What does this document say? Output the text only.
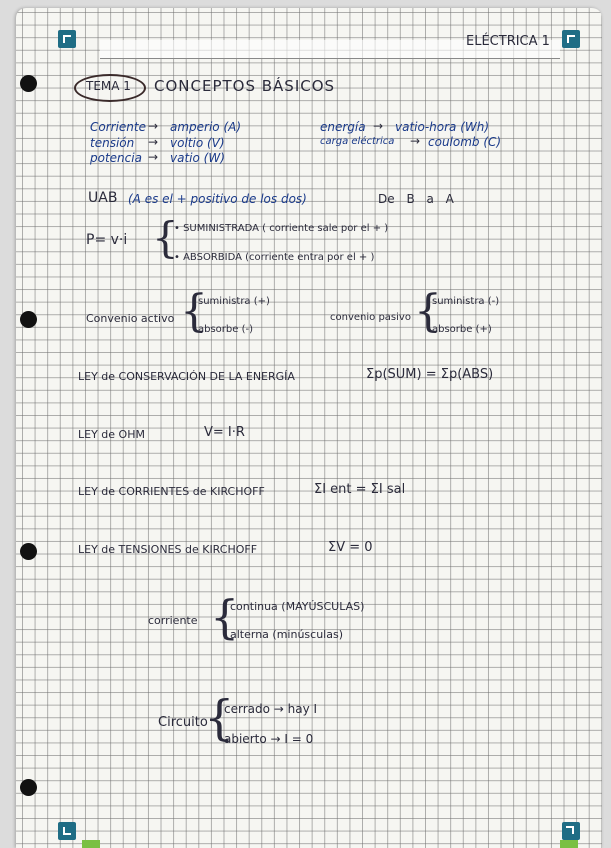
ELÉCTRICA 1
TEMA 1 CONCEPTOS BÁSICOS
Corriente → amperio (A)
tensión → voltio (V)
potencia → vatio (W)
energía → vatio-hora (Wh)
carga eléctrica → coulomb (C)
UAB (A es el + positivo de los dos)	De B a A
P= v·i {
• SUMINISTRADA ( corriente sale por el + )
• ABSORBIDA (corriente entra por el + )
Convenio activo {
suministra (+)
absorbe (-)
convenio pasivo {
suministra (-)
absorbe (+)
LEY de CONSERVACIÓN DE LA ENERGÍA	Σp(SUM) = Σp(ABS)
LEY de OHM	V= I·R
LEY de CORRIENTES de KIRCHOFF	ΣI ent = ΣI sal
LEY de TENSIONES de KIRCHOFF	ΣV = 0
corriente {
continua (MAYÚSCULAS)
alterna (minúsculas)
Circuito
{
cerrado → hay I
abierto → I = 0
